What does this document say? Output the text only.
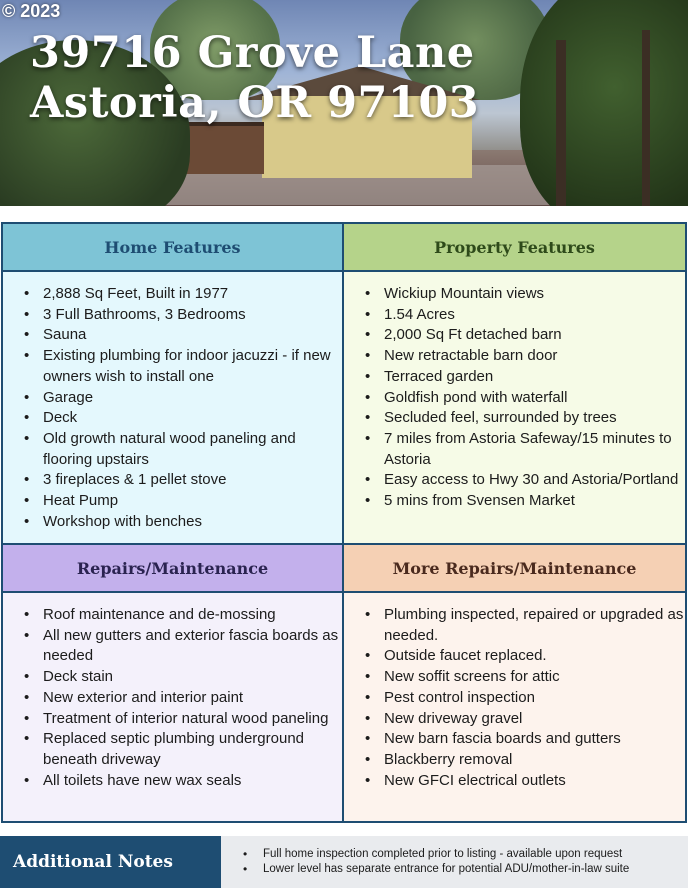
© 2023
39716 Grove Lane
Astoria, OR 97103
Home Features
• 2,888 Sq Feet, Built in 1977
• 3 Full Bathrooms, 3 Bedrooms
• Sauna
• Existing plumbing for indoor jacuzzi - if new owners wish to install one
• Garage
• Deck
• Old growth natural wood paneling and flooring upstairs
• 3 fireplaces & 1 pellet stove
• Heat Pump
• Workshop with benches
Property Features
• Wickiup Mountain views
• 1.54 Acres
• 2,000 Sq Ft detached barn
• New retractable barn door
• Terraced garden
• Goldfish pond with waterfall
• Secluded feel, surrounded by trees
• 7 miles from Astoria Safeway/15 minutes to Astoria
• Easy access to Hwy 30 and Astoria/Portland
• 5 mins from Svensen Market
Repairs/Maintenance
• Roof maintenance and de-mossing
• All new gutters and exterior fascia boards as needed
• Deck stain
• New exterior and interior paint
• Treatment of interior natural wood paneling
• Replaced septic plumbing underground beneath driveway
• All toilets have new wax seals
More Repairs/Maintenance
• Plumbing inspected, repaired or upgraded as needed.
• Outside faucet replaced.
• New soffit screens for attic
• Pest control inspection
• New driveway gravel
• New barn fascia boards and gutters
• Blackberry removal
• New GFCI electrical outlets
Additional Notes	• Full home inspection completed prior to listing - available upon request
• Lower level has separate entrance for potential ADU/mother-in-law suite
